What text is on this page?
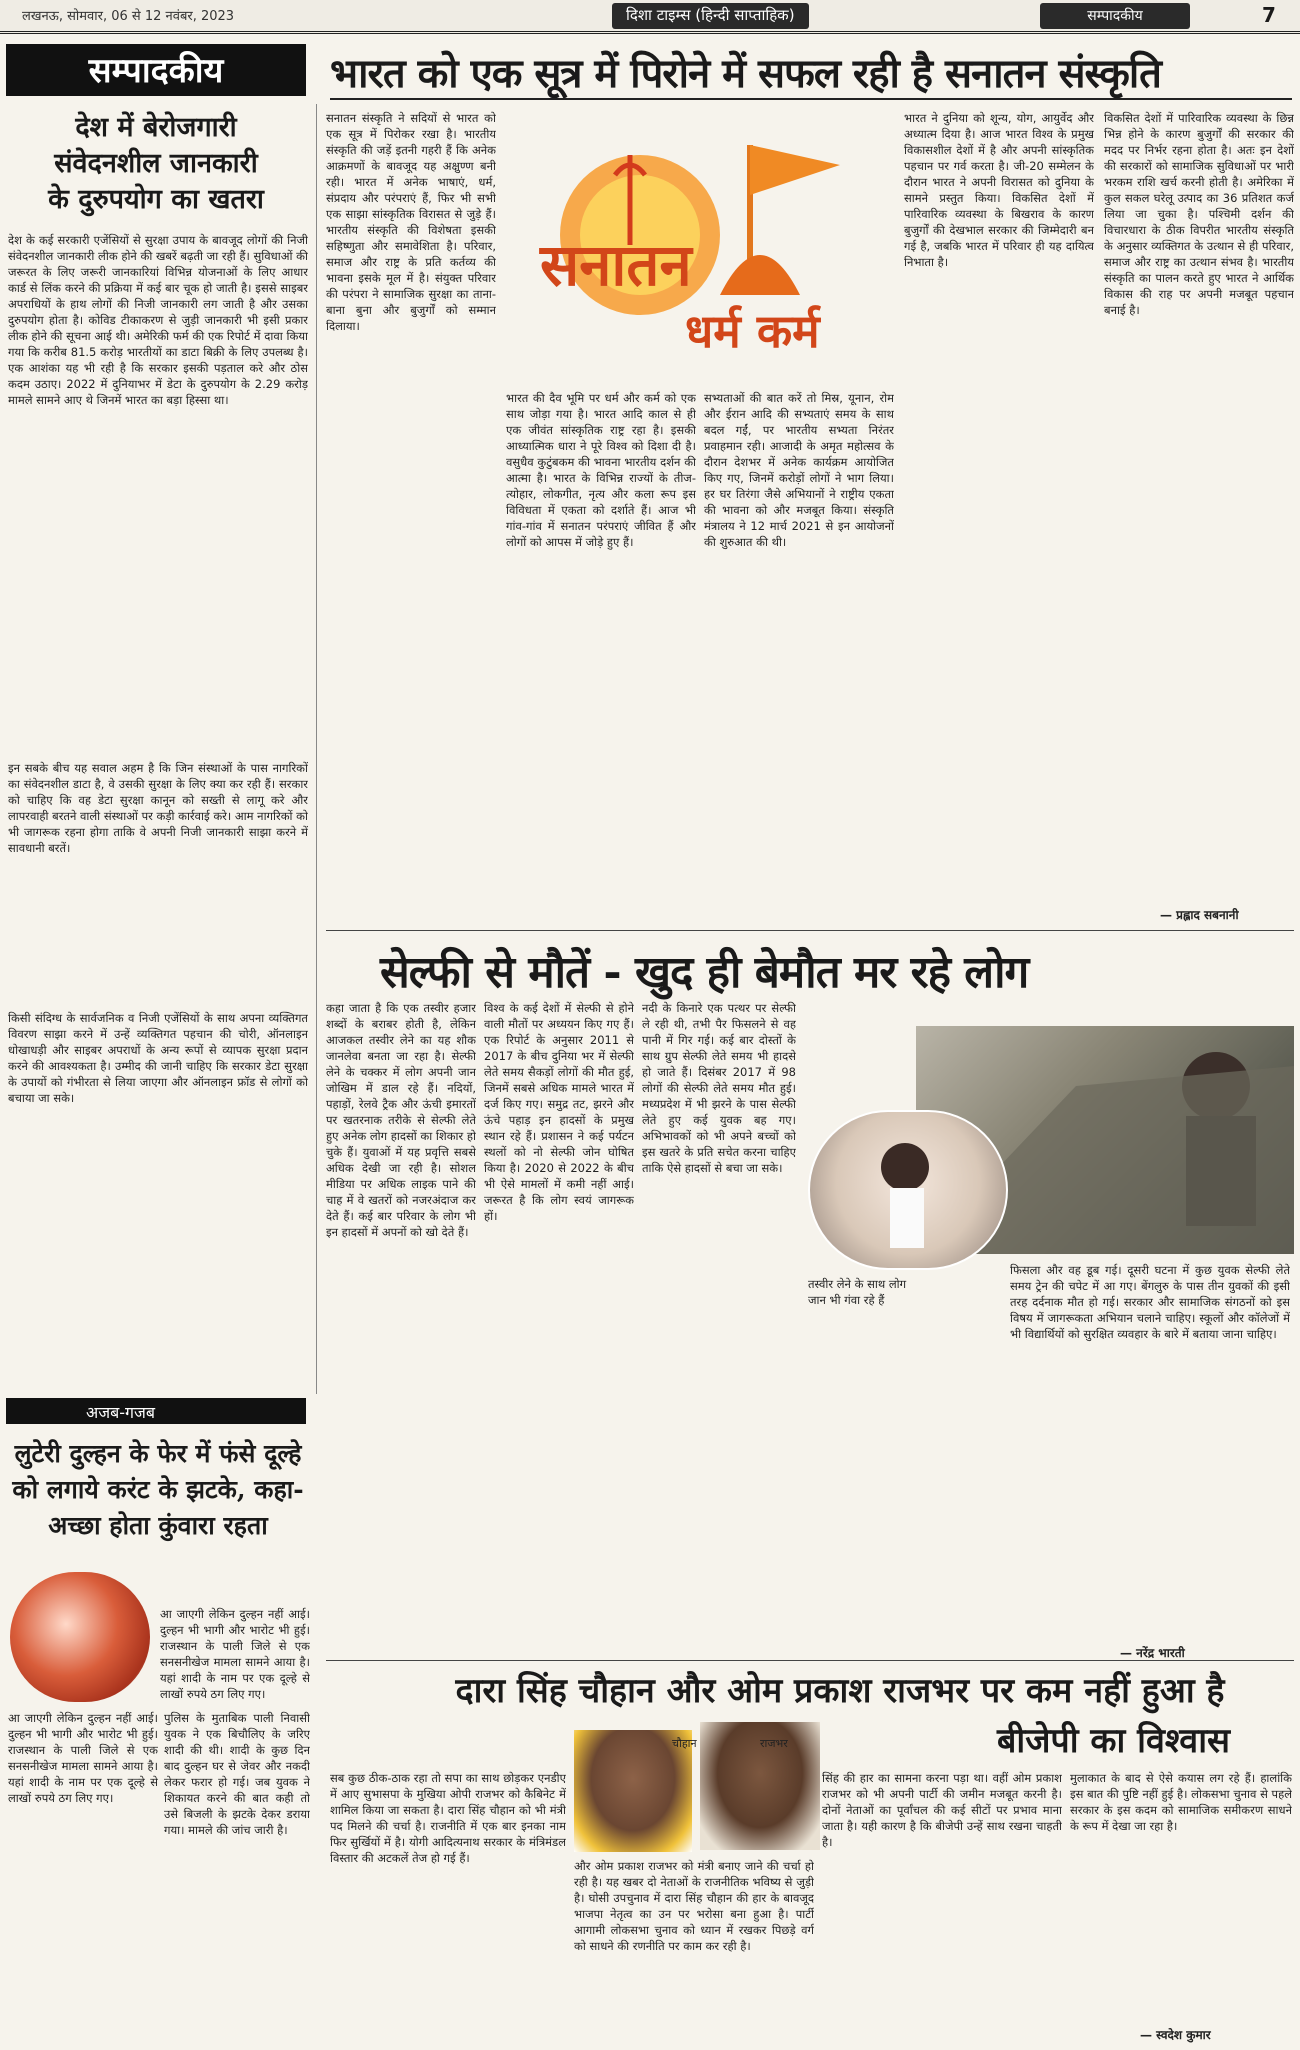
लखनऊ, सोमवार, 06 से 12 नवंबर, 2023	दिशा टाइम्स (हिन्दी साप्ताहिक)	सम्पादकीय	7
सम्पादकीय	भारत को एक सूत्र में पिरोने में सफल रही है सनातन संस्कृति
देश में बेरोजगारी
संवेदनशील जानकारी
के दुरुपयोग का खतरा
देश के कई सरकारी एजेंसियों से सुरक्षा उपाय के बावजूद लोगों की निजी संवेदनशील जानकारी लीक होने की खबरें बढ़ती जा रही हैं। सुविधाओं की जरूरत के लिए जरूरी जानकारियां विभिन्न योजनाओं के लिए आधार कार्ड से लिंक करने की प्रक्रिया में कई बार चूक हो जाती है। इससे साइबर अपराधियों के हाथ लोगों की निजी जानकारी लग जाती है और उसका दुरुपयोग होता है। कोविड टीकाकरण से जुड़ी जानकारी भी इसी प्रकार लीक होने की सूचना आई थी। अमेरिकी फर्म की एक रिपोर्ट में दावा किया गया कि करीब 81.5 करोड़ भारतीयों का डाटा बिक्री के लिए उपलब्ध है। एक आशंका यह भी रही है कि सरकार इसकी पड़ताल करे और ठोस कदम उठाए। 2022 में दुनियाभर में डेटा के दुरुपयोग के 2.29 करोड़ मामले सामने आए थे जिनमें भारत का बड़ा हिस्सा था।
इन सबके बीच यह सवाल अहम है कि जिन संस्थाओं के पास नागरिकों का संवेदनशील डाटा है, वे उसकी सुरक्षा के लिए क्या कर रही हैं। सरकार को चाहिए कि वह डेटा सुरक्षा कानून को सख्ती से लागू करे और लापरवाही बरतने वाली संस्थाओं पर कड़ी कार्रवाई करे। आम नागरिकों को भी जागरूक रहना होगा ताकि वे अपनी निजी जानकारी साझा करने में सावधानी बरतें।
किसी संदिग्ध के सार्वजनिक व निजी एजेंसियों के साथ अपना व्यक्तिगत विवरण साझा करने में उन्हें व्यक्तिगत पहचान की चोरी, ऑनलाइन धोखाधड़ी और साइबर अपराधों के अन्य रूपों से व्यापक सुरक्षा प्रदान करने की आवश्यकता है। उम्मीद की जानी चाहिए कि सरकार डेटा सुरक्षा के उपायों को गंभीरता से लिया जाएगा और ऑनलाइन फ्रॉड से लोगों को बचाया जा सके।
सनातन संस्कृति ने सदियों से भारत को एक सूत्र में पिरोकर रखा है। भारतीय संस्कृति की जड़ें इतनी गहरी हैं कि अनेक आक्रमणों के बावजूद यह अक्षुण्ण बनी रही। भारत में अनेक भाषाएं, धर्म, संप्रदाय और परंपराएं हैं, फिर भी सभी एक साझा सांस्कृतिक विरासत से जुड़े हैं। भारतीय संस्कृति की विशेषता इसकी सहिष्णुता और समावेशिता है। परिवार, समाज और राष्ट्र के प्रति कर्तव्य की भावना इसके मूल में है। संयुक्त परिवार की परंपरा ने सामाजिक सुरक्षा का ताना-बाना बुना और बुजुर्गों को सम्मान दिलाया।
भारत की दैव भूमि पर धर्म और कर्म को एक साथ जोड़ा गया है। भारत आदि काल से ही एक जीवंत सांस्कृतिक राष्ट्र रहा है। इसकी आध्यात्मिक धारा ने पूरे विश्व को दिशा दी है। वसुधैव कुटुंबकम की भावना भारतीय दर्शन की आत्मा है। भारत के विभिन्न राज्यों के तीज-त्योहार, लोकगीत, नृत्य और कला रूप इस विविधता में एकता को दर्शाते हैं। आज भी गांव-गांव में सनातन परंपराएं जीवित हैं और लोगों को आपस में जोड़े हुए हैं।
सभ्यताओं की बात करें तो मिस्र, यूनान, रोम और ईरान आदि की सभ्यताएं समय के साथ बदल गईं, पर भारतीय सभ्यता निरंतर प्रवाहमान रही। आजादी के अमृत महोत्सव के दौरान देशभर में अनेक कार्यक्रम आयोजित किए गए, जिनमें करोड़ों लोगों ने भाग लिया। हर घर तिरंगा जैसे अभियानों ने राष्ट्रीय एकता की भावना को और मजबूत किया। संस्कृति मंत्रालय ने 12 मार्च 2021 से इन आयोजनों की शुरुआत की थी।
भारत ने दुनिया को शून्य, योग, आयुर्वेद और अध्यात्म दिया है। आज भारत विश्व के प्रमुख विकासशील देशों में है और अपनी सांस्कृतिक पहचान पर गर्व करता है। जी-20 सम्मेलन के दौरान भारत ने अपनी विरासत को दुनिया के सामने प्रस्तुत किया। विकसित देशों में पारिवारिक व्यवस्था के बिखराव के कारण बुजुर्गों की देखभाल सरकार की जिम्मेदारी बन गई है, जबकि भारत में परिवार ही यह दायित्व निभाता है।
विकसित देशों में पारिवारिक व्यवस्था के छिन्न भिन्न होने के कारण बुजुर्गों की सरकार की मदद पर निर्भर रहना होता है। अतः इन देशों की सरकारों को सामाजिक सुविधाओं पर भारी भरकम राशि खर्च करनी होती है। अमेरिका में कुल सकल घरेलू उत्पाद का 36 प्रतिशत कर्ज लिया जा चुका है। पश्चिमी दर्शन की विचारधारा के ठीक विपरीत भारतीय संस्कृति के अनुसार व्यक्तिगत के उत्थान से ही परिवार, समाज और राष्ट्र का उत्थान संभव है। भारतीय संस्कृति का पालन करते हुए भारत ने आर्थिक विकास की राह पर अपनी मजबूत पहचान बनाई है।
— प्रह्लाद सबनानी
सनातन
धर्म कर्म
सेल्फी से मौतें - खुद ही बेमौत मर रहे लोग
कहा जाता है कि एक तस्वीर हजार शब्दों के बराबर होती है, लेकिन आजकल तस्वीर लेने का यह शौक जानलेवा बनता जा रहा है। सेल्फी लेने के चक्कर में लोग अपनी जान जोखिम में डाल रहे हैं। नदियों, पहाड़ों, रेलवे ट्रैक और ऊंची इमारतों पर खतरनाक तरीके से सेल्फी लेते हुए अनेक लोग हादसों का शिकार हो चुके हैं। युवाओं में यह प्रवृत्ति सबसे अधिक देखी जा रही है। सोशल मीडिया पर अधिक लाइक पाने की चाह में वे खतरों को नजरअंदाज कर देते हैं। कई बार परिवार के लोग भी इन हादसों में अपनों को खो देते हैं।
विश्व के कई देशों में सेल्फी से होने वाली मौतों पर अध्ययन किए गए हैं। एक रिपोर्ट के अनुसार 2011 से 2017 के बीच दुनिया भर में सेल्फी लेते समय सैकड़ों लोगों की मौत हुई, जिनमें सबसे अधिक मामले भारत में दर्ज किए गए। समुद्र तट, झरने और ऊंचे पहाड़ इन हादसों के प्रमुख स्थान रहे हैं। प्रशासन ने कई पर्यटन स्थलों को नो सेल्फी जोन घोषित किया है। 2020 से 2022 के बीच भी ऐसे मामलों में कमी नहीं आई। जरूरत है कि लोग स्वयं जागरूक हों।
नदी के किनारे एक पत्थर पर सेल्फी ले रही थी, तभी पैर फिसलने से वह पानी में गिर गई। कई बार दोस्तों के साथ ग्रुप सेल्फी लेते समय भी हादसे हो जाते हैं। दिसंबर 2017 में 98 लोगों की सेल्फी लेते समय मौत हुई। मध्यप्रदेश में भी झरने के पास सेल्फी लेते हुए कई युवक बह गए। अभिभावकों को भी अपने बच्चों को इस खतरे के प्रति सचेत करना चाहिए ताकि ऐसे हादसों से बचा जा सके।
फिसला और वह डूब गई। दूसरी घटना में कुछ युवक सेल्फी लेते समय ट्रेन की चपेट में आ गए। बेंगलुरु के पास तीन युवकों की इसी तरह दर्दनाक मौत हो गई। सरकार और सामाजिक संगठनों को इस विषय में जागरूकता अभियान चलाने चाहिए। स्कूलों और कॉलेजों में भी विद्यार्थियों को सुरक्षित व्यवहार के बारे में बताया जाना चाहिए।
तस्वीर लेने के साथ लोग जान भी गंवा रहे हैं
— नरेंद्र भारती
अजब-गजब
लुटेरी दुल्हन के फेर में फंसे दूल्हे को लगाये करंट के झटके, कहा-अच्छा होता कुंवारा रहता
आ जाएगी लेकिन दुल्हन नहीं आई। दुल्हन भी भागी और भारोट भी हुई। राजस्थान के पाली जिले से एक सनसनीखेज मामला सामने आया है। यहां शादी के नाम पर एक दूल्हे से लाखों रुपये ठग लिए गए।
आ जाएगी लेकिन दुल्हन नहीं आई। दुल्हन भी भागी और भारोट भी हुई। राजस्थान के पाली जिले से एक सनसनीखेज मामला सामने आया है। यहां शादी के नाम पर एक दूल्हे से लाखों रुपये ठग लिए गए।
पुलिस के मुताबिक पाली निवासी युवक ने एक बिचौलिए के जरिए शादी की थी। शादी के कुछ दिन बाद दुल्हन घर से जेवर और नकदी लेकर फरार हो गई। जब युवक ने शिकायत करने की बात कही तो उसे बिजली के झटके देकर डराया गया। मामले की जांच जारी है।
दारा सिंह चौहान और ओम प्रकाश राजभर पर कम नहीं हुआ है
बीजेपी का विश्वास
चौहान	राजभर
सब कुछ ठीक-ठाक रहा तो सपा का साथ छोड़कर एनडीए में आए सुभासपा के मुखिया ओपी राजभर को कैबिनेट में शामिल किया जा सकता है। दारा सिंह चौहान को भी मंत्री पद मिलने की चर्चा है। राजनीति में एक बार इनका नाम फिर सुर्खियों में है। योगी आदित्यनाथ सरकार के मंत्रिमंडल विस्तार की अटकलें तेज हो गई हैं।
और ओम प्रकाश राजभर को मंत्री बनाए जाने की चर्चा हो रही है। यह खबर दो नेताओं के राजनीतिक भविष्य से जुड़ी है। घोसी उपचुनाव में दारा सिंह चौहान की हार के बावजूद भाजपा नेतृत्व का उन पर भरोसा बना हुआ है। पार्टी आगामी लोकसभा चुनाव को ध्यान में रखकर पिछड़े वर्ग को साधने की रणनीति पर काम कर रही है।
सिंह की हार का सामना करना पड़ा था। वहीं ओम प्रकाश राजभर को भी अपनी पार्टी की जमीन मजबूत करनी है। दोनों नेताओं का पूर्वांचल की कई सीटों पर प्रभाव माना जाता है। यही कारण है कि बीजेपी उन्हें साथ रखना चाहती है।
मुलाकात के बाद से ऐसे कयास लग रहे हैं। हालांकि इस बात की पुष्टि नहीं हुई है। लोकसभा चुनाव से पहले सरकार के इस कदम को सामाजिक समीकरण साधने के रूप में देखा जा रहा है।
— स्वदेश कुमार
